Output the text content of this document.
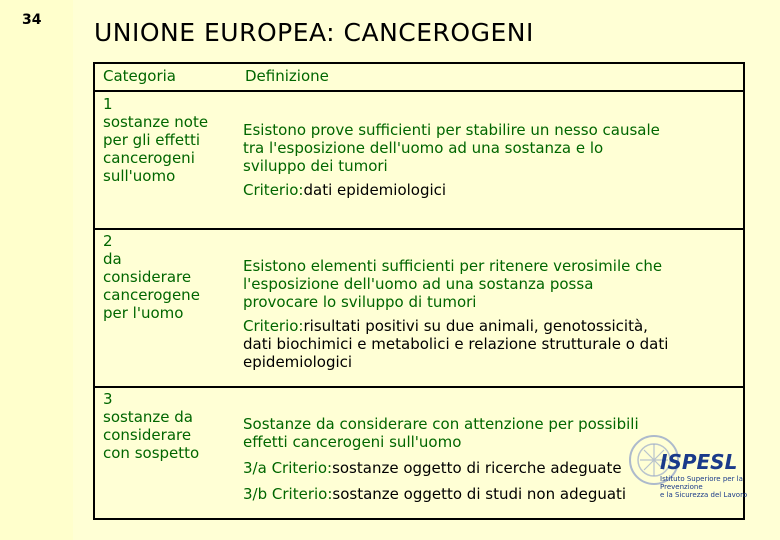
34 UNIONE EUROPEA: CANCEROGENI
Categoria	Definizione
1
sostanze note
per gli effetti
cancerogeni
sull'uomo
Esistono prove sufficienti per stabilire un nesso causale
tra l'esposizione dell'uomo ad una sostanza e lo
sviluppo dei tumori
Criterio:dati epidemiologici
2
da
considerare
cancerogene
per l'uomo
Esistono elementi sufficienti per ritenere verosimile che
l'esposizione dell'uomo ad una sostanza possa
provocare lo sviluppo di tumori
Criterio:risultati positivi su due animali, genotossicità,
dati biochimici e metabolici e relazione strutturale o dati
epidemiologici
3
sostanze da
considerare
con sospetto
Sostanze da considerare con attenzione per possibili
effetti cancerogeni sull'uomo
3/a Criterio:sostanze oggetto di ricerche adeguate
3/b Criterio:sostanze oggetto di studi non adeguati
ISPESL
Istituto Superiore per la Prevenzione
e la Sicurezza del Lavoro
